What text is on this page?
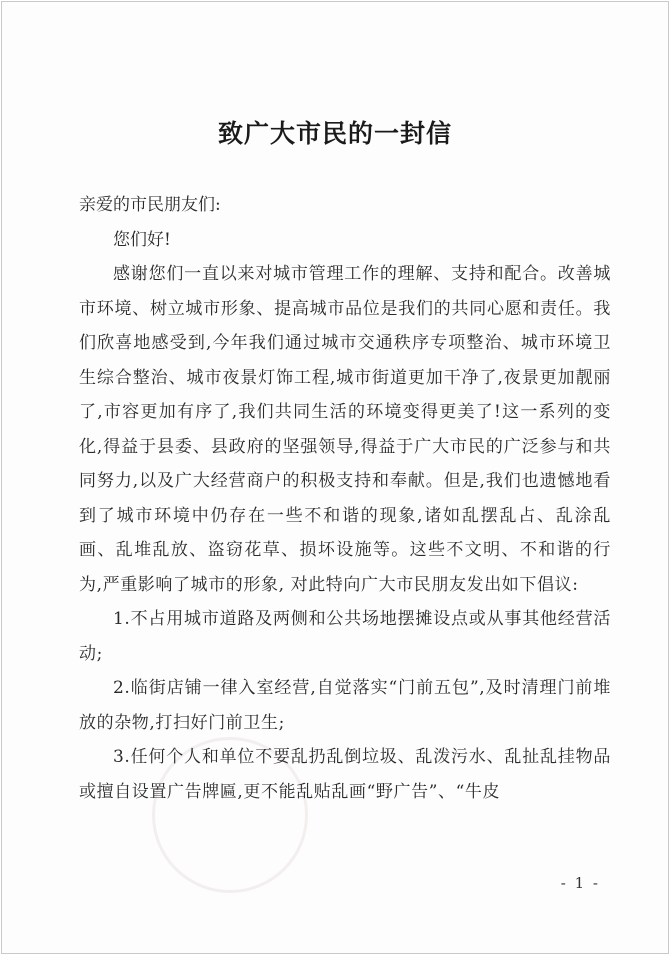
致广大市民的一封信

亲爱的市民朋友们:

您们好!

感谢您们一直以来对城市管理工作的理解、支持和配合。改善城市环境、树立城市形象、提高城市品位是我们的共同心愿和责任。我们欣喜地感受到,今年我们通过城市交通秩序专项整治、城市环境卫生综合整治、城市夜景灯饰工程,城市街道更加干净了,夜景更加靓丽了,市容更加有序了,我们共同生活的环境变得更美了!这一系列的变化,得益于县委、县政府的坚强领导,得益于广大市民的广泛参与和共同努力,以及广大经营商户的积极支持和奉献。但是,我们也遗憾地看到了城市环境中仍存在一些不和谐的现象,诸如乱摆乱占、乱涂乱画、乱堆乱放、盗窃花草、损坏设施等。这些不文明、不和谐的行为,严重影响了城市的形象, 对此特向广大市民朋友发出如下倡议:

1.不占用城市道路及两侧和公共场地摆摊设点或从事其他经营活动;

2.临街店铺一律入室经营,自觉落实“门前五包”,及时清理门前堆放的杂物,打扫好门前卫生;

3.任何个人和单位不要乱扔乱倒垃圾、乱泼污水、乱扯乱挂物品或擅自设置广告牌匾,更不能乱贴乱画“野广告”、“牛皮

- 1 -
